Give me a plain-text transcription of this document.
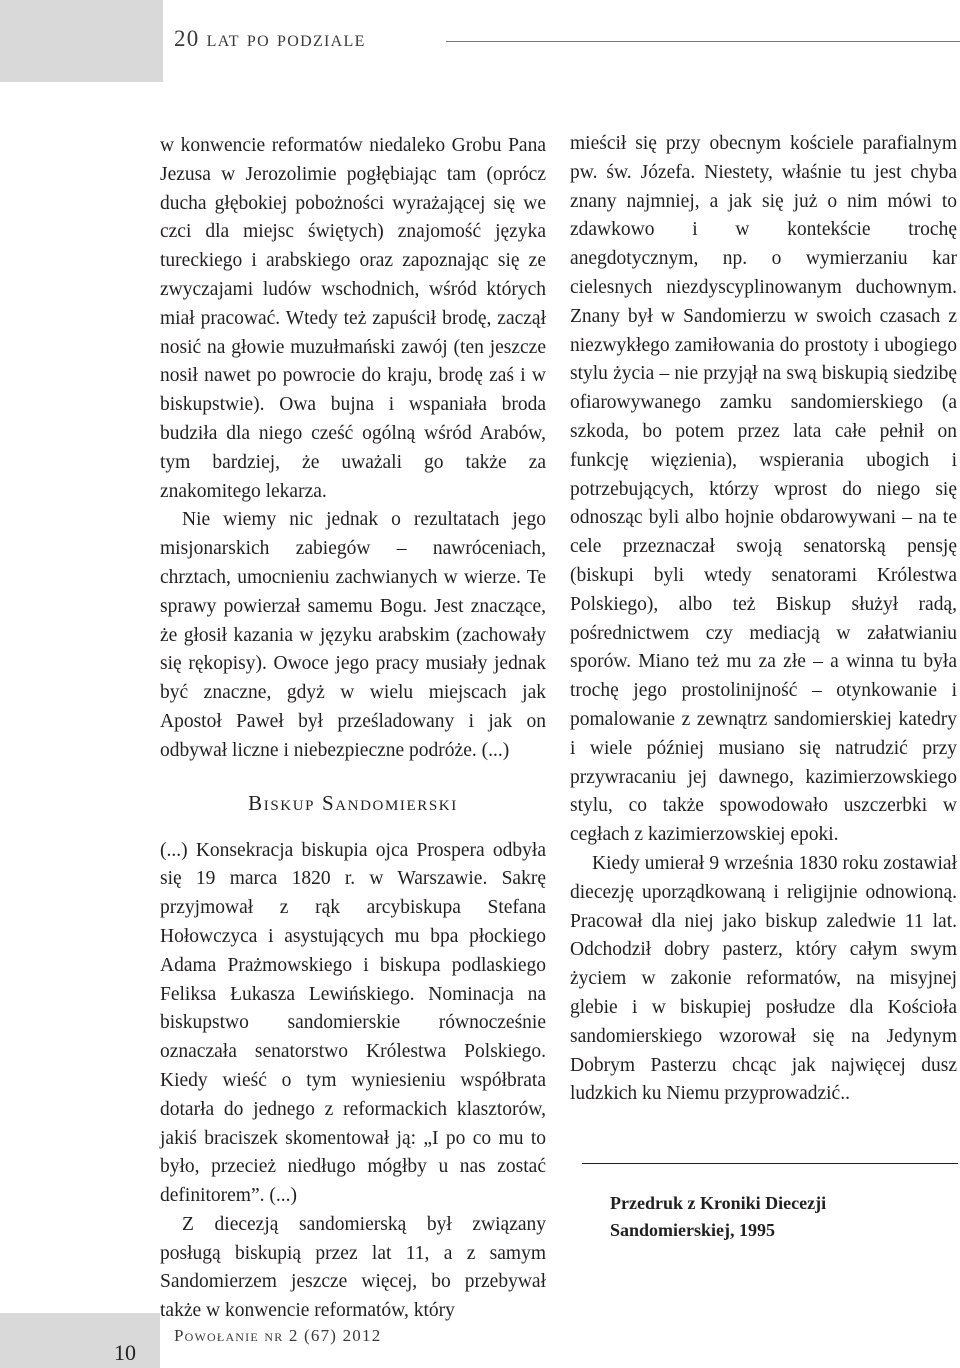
20 lat po podziale

w konwencie reformatów niedaleko Grobu Pana Jezusa w Jerozolimie pogłębiając tam (oprócz ducha głębokiej pobożności wyrażającej się we czci dla miejsc świętych) znajomość języka tureckiego i arabskiego oraz zapoznając się ze zwyczajami ludów wschodnich, wśród których miał pracować. Wtedy też zapuścił brodę, zaczął nosić na głowie muzułmański zawój (ten jeszcze nosił nawet po powrocie do kraju, brodę zaś i w biskupstwie). Owa bujna i wspaniała broda budziła dla niego cześć ogólną wśród Arabów, tym bardziej, że uważali go także za znakomitego lekarza.

Nie wiemy nic jednak o rezultatach jego misjonarskich zabiegów – nawróceniach, chrztach, umocnieniu zachwianych w wierze. Te sprawy powierzał samemu Bogu. Jest znaczące, że głosił kazania w języku arabskim (zachowały się rękopisy). Owoce jego pracy musiały jednak być znaczne, gdyż w wielu miejscach jak Apostoł Paweł był prześladowany i jak on odbywał liczne i niebezpieczne podróże. (...)

Biskup Sandomierski

(...) Konsekracja biskupia ojca Prospera odbyła się 19 marca 1820 r. w Warszawie. Sakrę przyjmował z rąk arcybiskupa Stefana Hołowczyca i asystujących mu bpa płockiego Adama Prażmowskiego i biskupa podlaskiego Feliksa Łukasza Lewińskiego. Nominacja na biskupstwo sandomierskie równocześnie oznaczała senatorstwo Królestwa Polskiego. Kiedy wieść o tym wyniesieniu współbrata dotarła do jednego z reformackich klasztorów, jakiś braciszek skomentował ją: „I po co mu to było, przecież niedługo mógłby u nas zostać definitorem”. (...)

Z diecezją sandomierską był związany posługą biskupią przez lat 11, a z samym Sandomierzem jeszcze więcej, bo przebywał także w konwencie reformatów, który

mieścił się przy obecnym kościele parafialnym pw. św. Józefa. Niestety, właśnie tu jest chyba znany najmniej, a jak się już o nim mówi to zdawkowo i w kontekście trochę anegdotycznym, np. o wymierzaniu kar cielesnych niezdyscyplinowanym duchownym. Znany był w Sandomierzu w swoich czasach z niezwykłego zamiłowania do prostoty i ubogiego stylu życia – nie przyjął na swą biskupią siedzibę ofiarowywanego zamku sandomierskiego (a szkoda, bo potem przez lata całe pełnił on funkcję więzienia), wspierania ubogich i potrzebujących, którzy wprost do niego się odnosząc byli albo hojnie obdarowywani – na te cele przeznaczał swoją senatorską pensję (biskupi byli wtedy senatorami Królestwa Polskiego), albo też Biskup służył radą, pośrednictwem czy mediacją w załatwianiu sporów. Miano też mu za złe – a winna tu była trochę jego prostolinijność – otynkowanie i pomalowanie z zewnątrz sandomierskiej katedry i wiele później musiano się natrudzić przy przywracaniu jej dawnego, kazimierzowskiego stylu, co także spowodowało uszczerbki w cegłach z kazimierzowskiej epoki.

Kiedy umierał 9 września 1830 roku zostawiał diecezję uporządkowaną i religijnie odnowioną. Pracował dla niej jako biskup zaledwie 11 lat. Odchodził dobry pasterz, który całym swym życiem w zakonie reformatów, na misyjnej glebie i w biskupiej posłudze dla Kościoła sandomierskiego wzorował się na Jedynym Dobrym Pasterzu chcąc jak najwięcej dusz ludzkich ku Niemu przyprowadzić..

Przedruk z Kroniki Diecezji Sandomierskiej, 1995
10
Powołanie nr 2 (67) 2012
